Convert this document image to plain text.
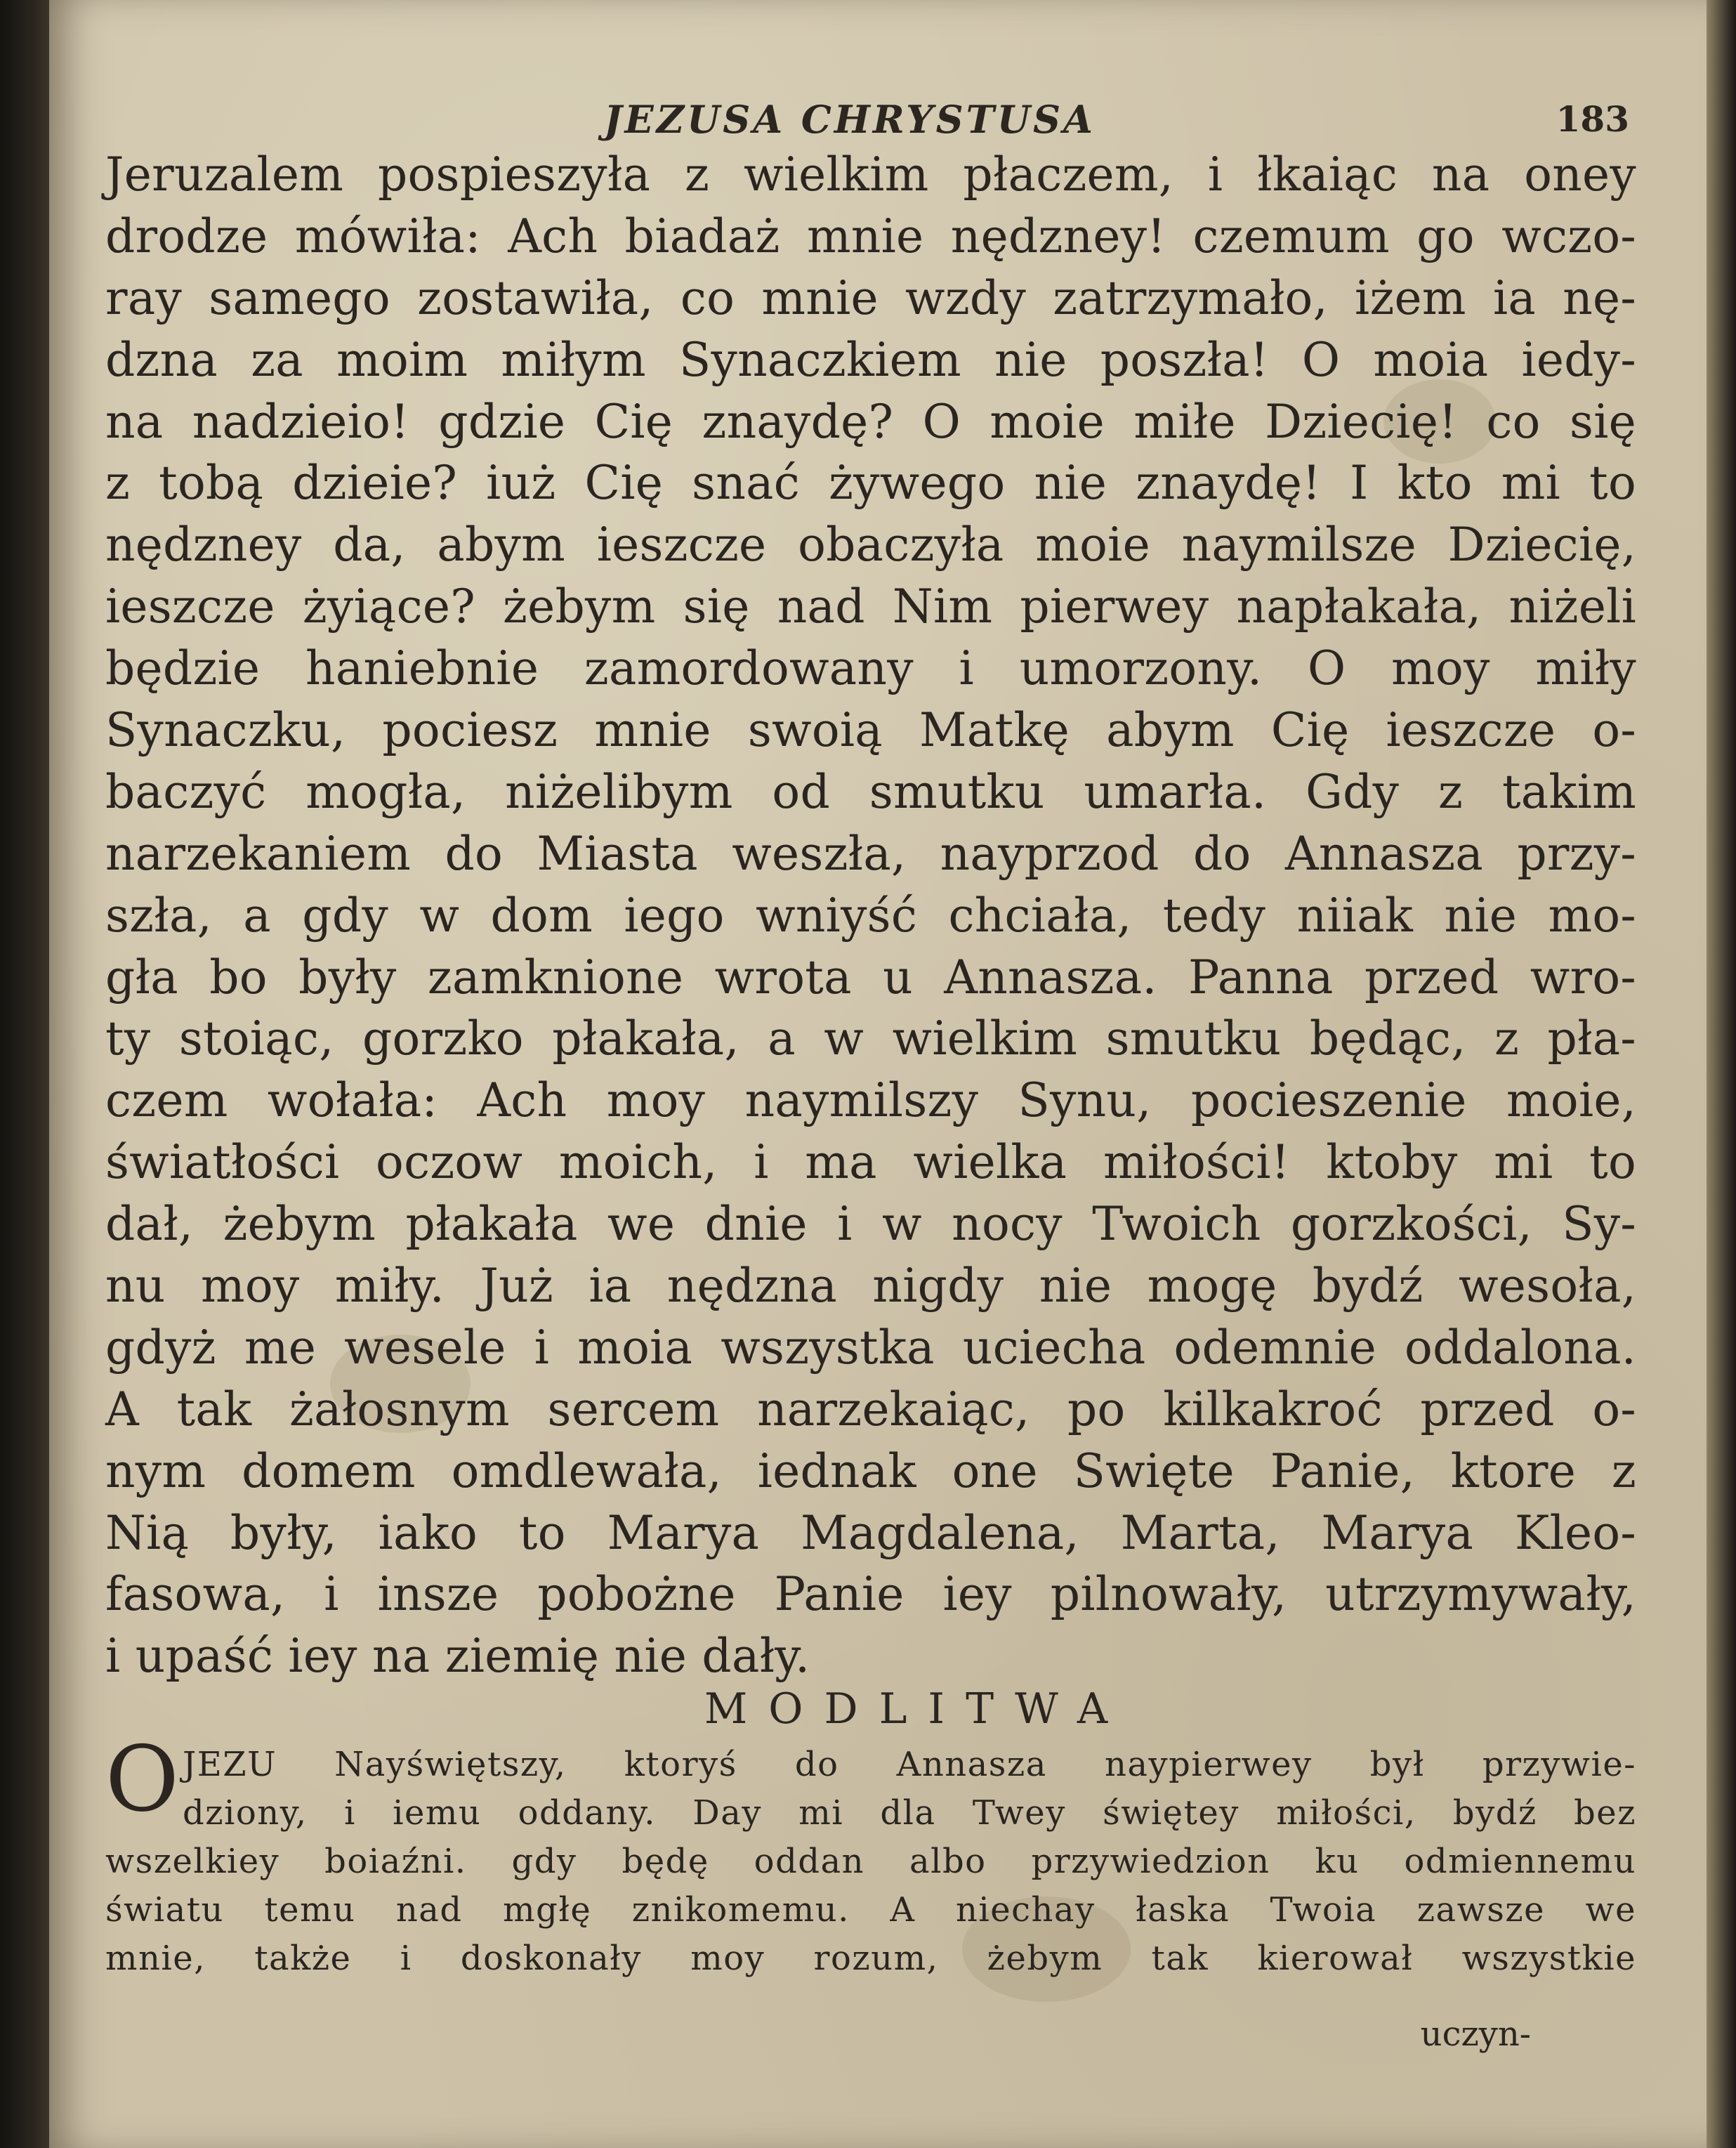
JEZUSA CHRYSTUSA	183
Jeruzalem pospieszyła z wielkim płaczem, i łkaiąc na oney
drodze mówiła: Ach biadaż mnie nędzney! czemum go wczo-
ray samego zostawiła, co mnie wzdy zatrzymało, iżem ia nę-
dzna za moim miłym Synaczkiem nie poszła! O moia iedy-
na nadzieio! gdzie Cię znaydę? O moie miłe Dziecię! co się
z tobą dzieie? iuż Cię snać żywego nie znaydę! I kto mi to
nędzney da, abym ieszcze obaczyła moie naymilsze Dziecię,
ieszcze żyiące? żebym się nad Nim pierwey napłakała, niżeli
będzie haniebnie zamordowany i umorzony. O moy miły
Synaczku, pociesz mnie swoią Matkę abym Cię ieszcze o-
baczyć mogła, niżelibym od smutku umarła. Gdy z takim
narzekaniem do Miasta weszła, nayprzod do Annasza przy-
szła, a gdy w dom iego wniyść chciała, tedy niiak nie mo-
gła bo były zamknione wrota u Annasza. Panna przed wro-
ty stoiąc, gorzko płakała, a w wielkim smutku będąc, z pła-
czem wołała: Ach moy naymilszy Synu, pocieszenie moie,
światłości oczow moich, i ma wielka miłości! ktoby mi to
dał, żebym płakała we dnie i w nocy Twoich gorzkości, Sy-
nu moy miły. Już ia nędzna nigdy nie mogę bydź wesoła,
gdyż me wesele i moia wszystka uciecha odemnie oddalona.
A tak żałosnym sercem narzekaiąc, po kilkakroć przed o-
nym domem omdlewała, iednak one Swięte Panie, ktore z
Nią były, iako to Marya Magdalena, Marta, Marya Kleo-
fasowa, i insze pobożne Panie iey pilnowały, utrzymywały,
i upaść iey na ziemię nie dały.
MODLITWA
O JEZU Nayświętszy, ktoryś do Annasza naypierwey był przywie-
dziony, i iemu oddany. Day mi dla Twey świętey miłości, bydź bez
wszelkiey boiaźni. gdy będę oddan albo przywiedzion ku odmiennemu
światu temu nad mgłę znikomemu. A niechay łaska Twoia zawsze we
mnie, także i doskonały moy rozum, żebym tak kierował wszystkie
uczyn-
